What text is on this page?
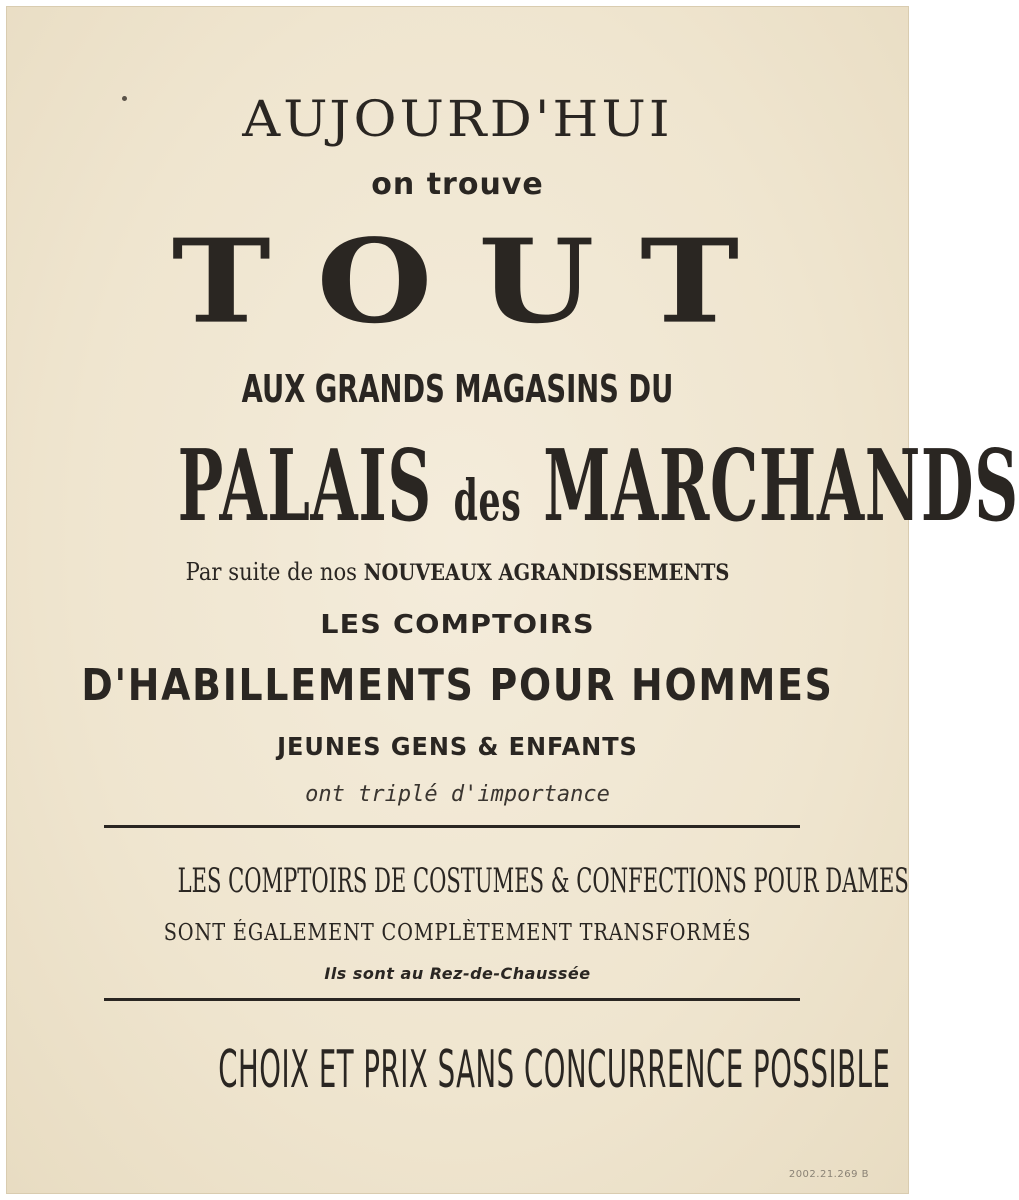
AUJOURD'HUI
on trouve
TOUT
AUX GRANDS MAGASINS DU
PALAIS des MARCHANDS
Par suite de nos NOUVEAUX AGRANDISSEMENTS
LES COMPTOIRS
D'HABILLEMENTS POUR HOMMES
JEUNES GENS & ENFANTS
ont triplé d'importance
LES COMPTOIRS DE COSTUMES & CONFECTIONS POUR DAMES
SONT ÉGALEMENT COMPLÈTEMENT TRANSFORMÉS
Ils sont au Rez-de-Chaussée
CHOIX ET PRIX SANS CONCURRENCE POSSIBLE
2002.21.269 B
